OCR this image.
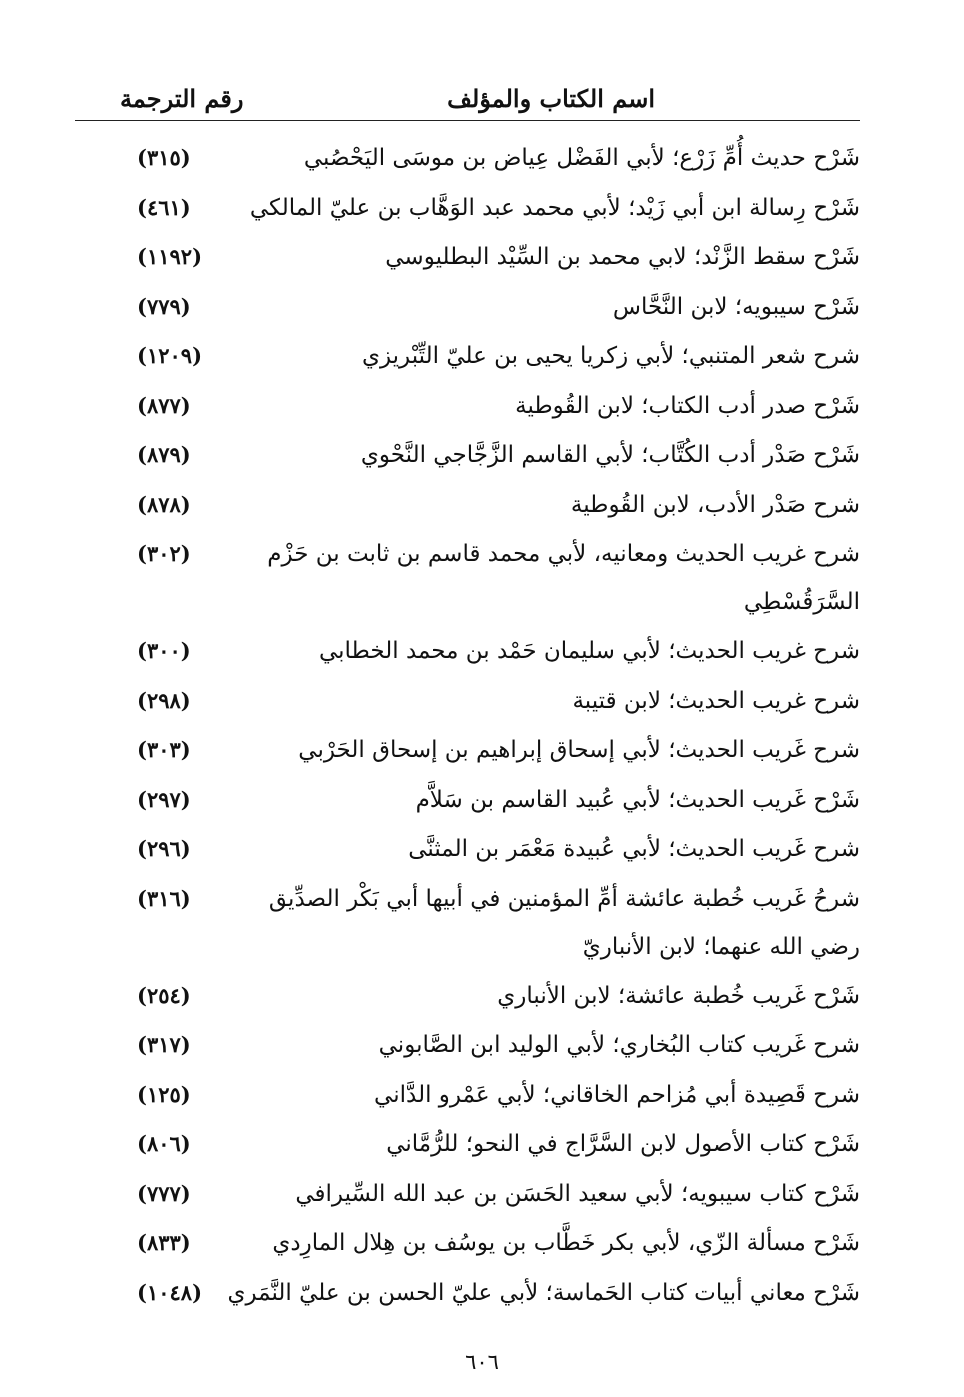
اسم الكتاب والمؤلف
رقم الترجمة
شَرْح حديث أُمِّ زَرْع؛ لأبي الفَضْل عِياض بن موسَى اليَحْصُبي
(٣١٥)
شَرْح رِسالة ابن أبي زَيْد؛ لأبي محمد عبد الوَهَّاب بن عليّ المالكي
(٤٦١)
شَرْح سقط الزَّنْد؛ لابي محمد بن السِّيْد البطليوسي
(١١٩٢)
شَرْح سيبويه؛ لابن النَّحَّاس
(٧٧٩)
شرح شعر المتنبي؛ لأبي زكريا يحيى بن عليّ التِّبْريزي
(١٢٠٩)
شَرْح صدر أدب الكتاب؛ لابن القُوطية
(٨٧٧)
شَرْح صَدْر أدب الكُتَّاب؛ لأبي القاسم الزَّجَّاجي النَّحْوي
(٨٧٩)
شرح صَدْر الأدب، لابن القُوطية
(٨٧٨)
شرح غريب الحديث ومعانيه، لأبي محمد قاسم بن ثابت بن حَزْم السَّرَقُسْطِي
(٣٠٢)
شرح غريب الحديث؛ لأبي سليمان حَمْد بن محمد الخطابي
(٣٠٠)
شرح غريب الحديث؛ لابن قتيبة
(٢٩٨)
شرح غَريب الحديث؛ لأبي إسحاق إبراهيم بن إسحاق الحَرْبي
(٣٠٣)
شَرْح غَريب الحديث؛ لأبي عُبيد القاسم بن سَلاَّم
(٢٩٧)
شرح غَريب الحديث؛ لأبي عُبيدة مَعْمَر بن المثنَّى
(٢٩٦)
شرحُ غَريب خُطبة عائشة أمِّ المؤمنين في أبيها أبي بَكْر الصدِّيق رضي الله عنهما؛ لابن الأنباريّ
(٣١٦)
شَرْح غَريب خُطبة عائشة؛ لابن الأنباري
(٢٥٤)
شرح غَريب كتاب البُخاري؛ لأبي الوليد ابن الصَّابوني
(٣١٧)
شرح قَصِيدة أبي مُزاحم الخاقاني؛ لأبي عَمْرو الدَّاني
(١٢٥)
شَرْح كتاب الأصول لابن السَّرَّاج في النحو؛ للرُّمَّاني
(٨٠٦)
شَرْح كتاب سيبويه؛ لأبي سعيد الحَسَن بن عبد الله السِّيرافي
(٧٧٧)
شَرْح مسألة الزّي، لأبي بكر خَطَّاب بن يوسُف بن هِلال المارِدي
(٨٣٣)
شَرْح معاني أبيات كتاب الحَماسة؛ لأبي عليّ الحسن بن عليّ النَّمَري
(١٠٤٨)
٦٠٦
